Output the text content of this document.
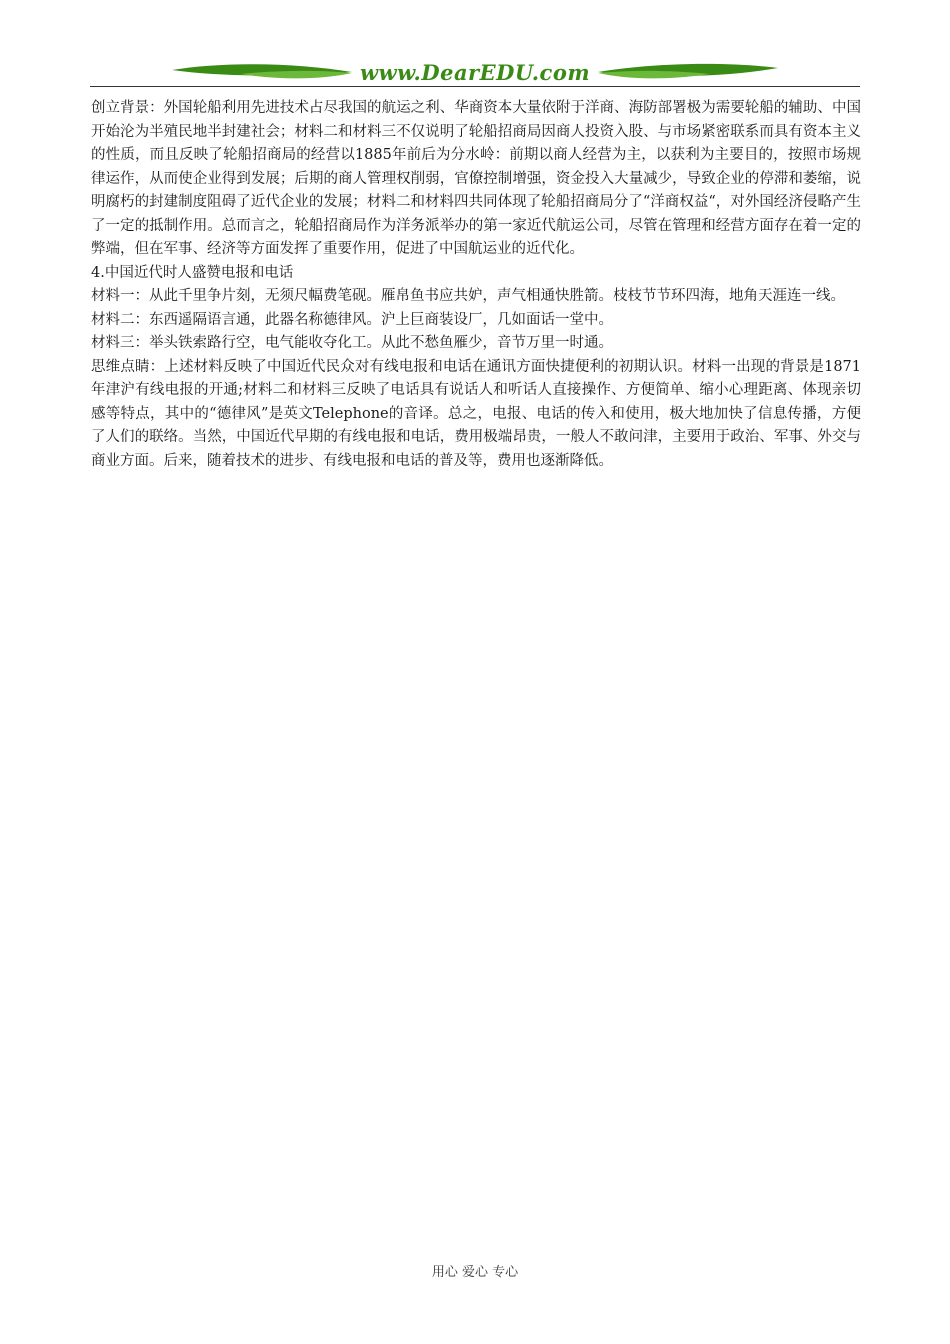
www.DearEDU.com

创立背景：外国轮船利用先进技术占尽我国的航运之利、华商资本大量依附于洋商、海防部署极为需要轮船的辅助、中国开始沦为半殖民地半封建社会；材料二和材料三不仅说明了轮船招商局因商人投资入股、与市场紧密联系而具有资本主义的性质，而且反映了轮船招商局的经营以1885年前后为分水岭：前期以商人经营为主，以获利为主要目的，按照市场规律运作，从而使企业得到发展；后期的商人管理权削弱，官僚控制增强，资金投入大量减少，导致企业的停滞和萎缩，说明腐朽的封建制度阻碍了近代企业的发展；材料二和材料四共同体现了轮船招商局分了“洋商权益“，对外国经济侵略产生了一定的抵制作用。总而言之，轮船招商局作为洋务派举办的第一家近代航运公司，尽管在管理和经营方面存在着一定的弊端，但在军事、经济等方面发挥了重要作用，促进了中国航运业的近代化。

4.中国近代时人盛赞电报和电话

材料一：从此千里争片刻，无须尺幅费笔砚。雁帛鱼书应共妒，声气相通快胜箭。枝枝节节环四海，地角天涯连一线。

材料二：东西遥隔语言通，此器名称德律风。沪上巨商装设厂，几如面话一堂中。

材料三：举头铁索路行空，电气能收夺化工。从此不愁鱼雁少，音节万里一时通。

思维点睛：上述材料反映了中国近代民众对有线电报和电话在通讯方面快捷便利的初期认识。材料一出现的背景是1871年津沪有线电报的开通;材料二和材料三反映了电话具有说话人和听话人直接操作、方便简单、缩小心理距离、体现亲切感等特点，其中的“德律风”是英文Telephone的音译。总之，电报、电话的传入和使用，极大地加快了信息传播，方便了人们的联络。当然，中国近代早期的有线电报和电话，费用极端昂贵，一般人不敢问津，主要用于政治、军事、外交与商业方面。后来，随着技术的进步、有线电报和电话的普及等，费用也逐渐降低。

用心 爱心 专心
